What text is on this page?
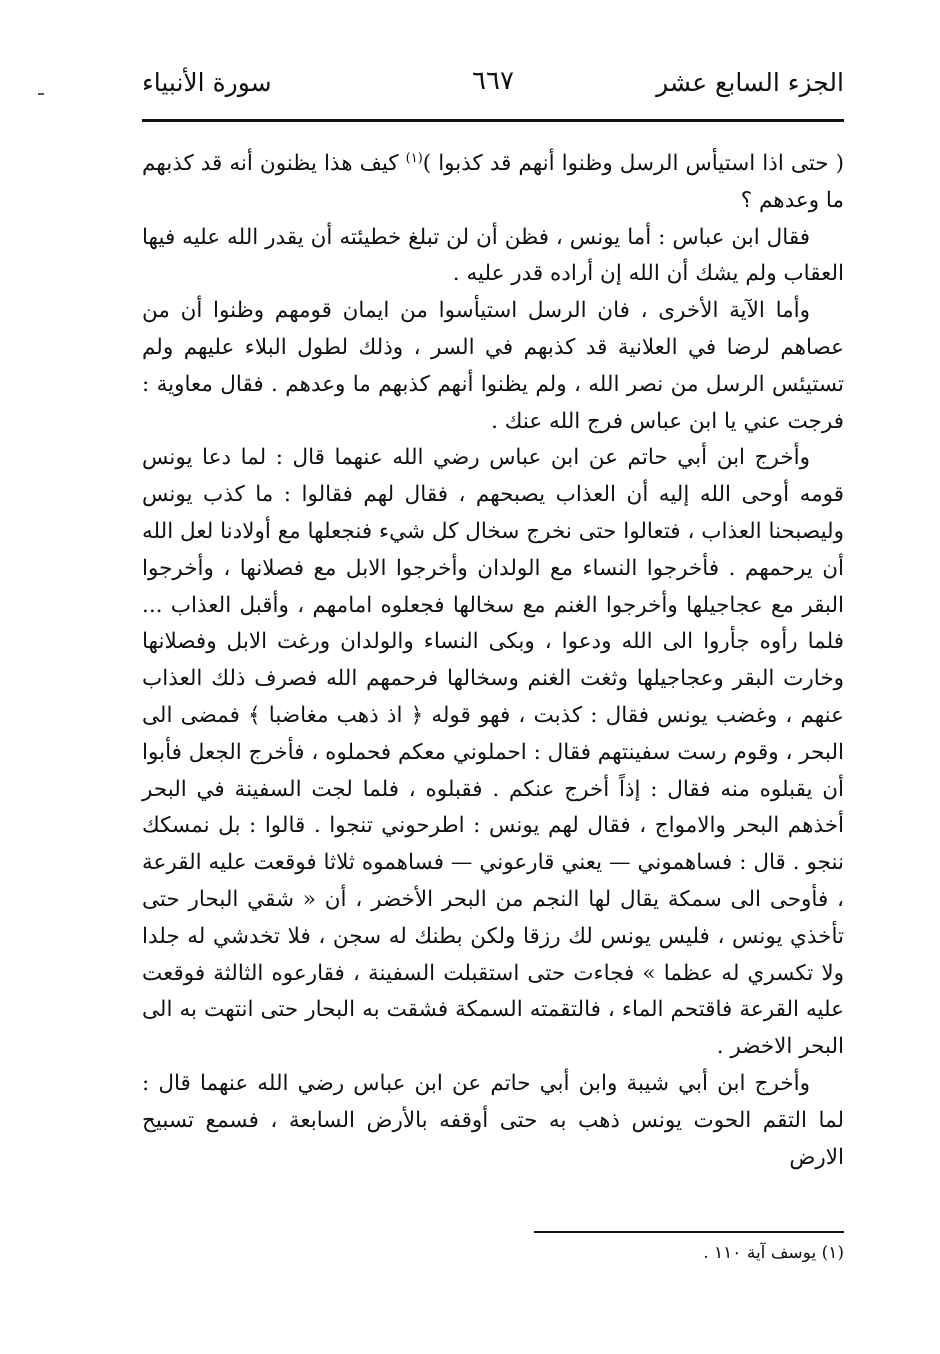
الجزء السابع عشر
٦٦٧
سورة الأنبياء

( حتى اذا استيأس الرسل وظنوا أنهم قد كذبوا )$^{(١)}$ كيف هذا يظنون أنه قد كذبهم ما وعدهم ؟

فقال ابن عباس : أما يونس ، فظن أن لن تبلغ خطيئته أن يقدر الله عليه فيها العقاب ولم يشك أن الله إن أراده قدر عليه .

وأما الآية الأخرى ، فان الرسل استيأسوا من ايمان قومهم وظنوا أن من عصاهم لرضا في العلانية قد كذبهم في السر ، وذلك لطول البلاء عليهم ولم تستيئس الرسل من نصر الله ، ولم يظنوا أنهم كذبهم ما وعدهم . فقال معاوية : فرجت عني يا ابن عباس فرج الله عنك .

وأخرج ابن أبي حاتم عن ابن عباس رضي الله عنهما قال : لما دعا يونس قومه أوحى الله إليه أن العذاب يصبحهم ، فقال لهم فقالوا : ما كذب يونس وليصبحنا العذاب ، فتعالوا حتى نخرج سخال كل شيء فنجعلها مع أولادنا لعل الله أن يرحمهم . فأخرجوا النساء مع الولدان وأخرجوا الابل مع فصلانها ، وأخرجوا البقر مع عجاجيلها وأخرجوا الغنم مع سخالها فجعلوه امامهم ، وأقبل العذاب ... فلما رأوه جأروا الى الله ودعوا ، وبكى النساء والولدان ورغت الابل وفصلانها وخارت البقر وعجاجيلها وثغت الغنم وسخالها فرحمهم الله فصرف ذلك العذاب عنهم ، وغضب يونس فقال : كذبت ، فهو قوله ﴿ اذ ذهب مغاضبا ﴾ فمضى الى البحر ، وقوم رست سفينتهم فقال : احملوني معكم فحملوه ، فأخرج الجعل فأبوا أن يقبلوه منه فقال : إذاً أخرج عنكم . فقبلوه ، فلما لجت السفينة في البحر أخذهم البحر والامواج ، فقال لهم يونس : اطرحوني تنجوا . قالوا : بل نمسكك ننجو . قال : فساهموني — يعني قارعوني — فساهموه ثلاثا فوقعت عليه القرعة ، فأوحى الى سمكة يقال لها النجم من البحر الأخضر ، أن « شقي البحار حتى تأخذي يونس ، فليس يونس لك رزقا ولكن بطنك له سجن ، فلا تخدشي له جلدا ولا تكسري له عظما » فجاءت حتى استقبلت السفينة ، فقارعوه الثالثة فوقعت عليه القرعة فاقتحم الماء ، فالتقمته السمكة فشقت به البحار حتى انتهت به الى البحر الاخضر .

وأخرج ابن أبي شيبة وابن أبي حاتم عن ابن عباس رضي الله عنهما قال : لما التقم الحوت يونس ذهب به حتى أوقفه بالأرض السابعة ، فسمع تسبيح الارض

(١) يوسف آية ١١٠ .
